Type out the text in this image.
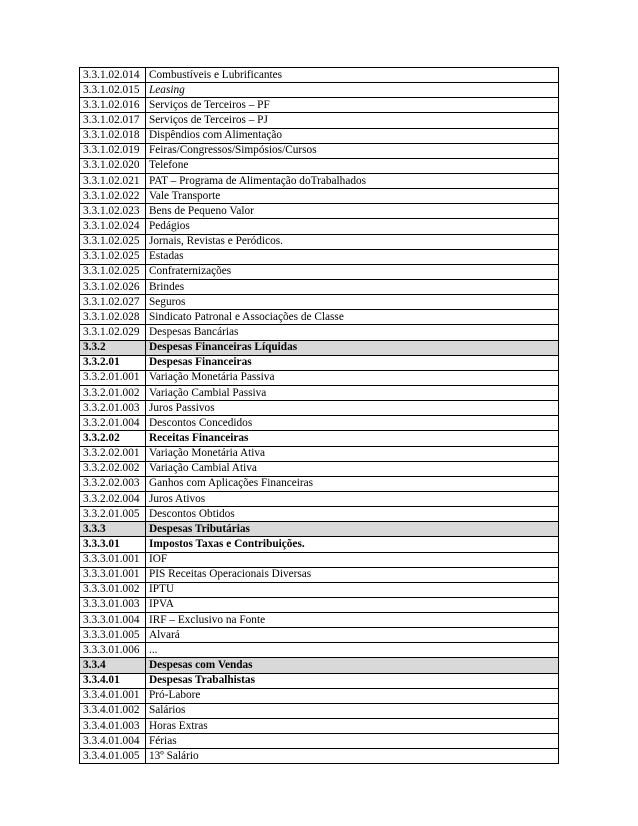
3.3.1.02.014	Combustíveis e Lubrificantes
3.3.1.02.015	Leasing
3.3.1.02.016	Serviços de Terceiros – PF
3.3.1.02.017	Serviços de Terceiros – PJ
3.3.1.02.018	Dispêndios com Alimentação
3.3.1.02.019	Feiras/Congressos/Simpósios/Cursos
3.3.1.02.020	Telefone
3.3.1.02.021	PAT – Programa de Alimentação doTrabalhados
3.3.1.02.022	Vale Transporte
3.3.1.02.023	Bens de Pequeno Valor
3.3.1.02.024	Pedágios
3.3.1.02.025	Jornais, Revistas e Peródicos.
3.3.1.02.025	Estadas
3.3.1.02.025	Confraternizações
3.3.1.02.026	Brindes
3.3.1.02.027	Seguros
3.3.1.02.028	Sindicato Patronal e Associações de Classe
3.3.1.02.029	Despesas Bancárias
3.3.2	Despesas Financeiras Líquidas
3.3.2.01	Despesas Financeiras
3.3.2.01.001	Variação Monetária Passiva
3.3.2.01.002	Variação Cambial Passiva
3.3.2.01.003	Juros Passivos
3.3.2.01.004	Descontos Concedidos
3.3.2.02	Receitas Financeiras
3.3.2.02.001	Variação Monetária Ativa
3.3.2.02.002	Variação Cambial Ativa
3.3.2.02.003	Ganhos com Aplicações Financeiras
3.3.2.02.004	Juros Ativos
3.3.2.01.005	Descontos Obtidos
3.3.3	Despesas Tributárias
3.3.3.01	Impostos Taxas e Contribuições.
3.3.3.01.001	IOF
3.3.3.01.001	PIS Receitas Operacionais Diversas
3.3.3.01.002	IPTU
3.3.3.01.003	IPVA
3.3.3.01.004	IRF – Exclusivo na Fonte
3.3.3.01.005	Alvará
3.3.3.01.006	...
3.3.4	Despesas com Vendas
3.3.4.01	Despesas Trabalhistas
3.3.4.01.001	Pró-Labore
3.3.4.01.002	Salários
3.3.4.01.003	Horas Extras
3.3.4.01.004	Férias
3.3.4.01.005	13º Salário
